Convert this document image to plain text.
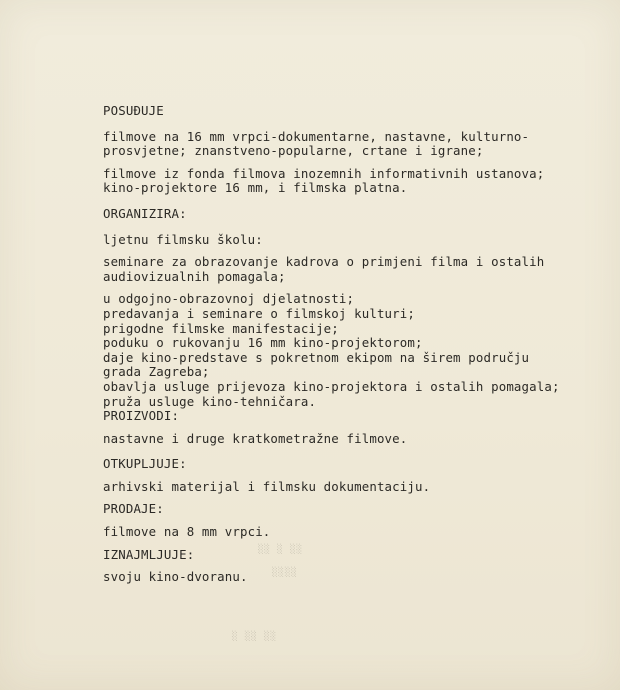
POSUĐUJE
filmove na 16 mm vrpci-dokumentarne, nastavne, kulturno-
prosvjetne; znanstveno-popularne, crtane i igrane;
filmove iz fonda filmova inozemnih informativnih ustanova;
kino-projektore 16 mm, i filmska platna.
ORGANIZIRA:
ljetnu filmsku školu:
seminare za obrazovanje kadrova o primjeni filma i ostalih
audiovizualnih pomagala;
u odgojno-obrazovnoj djelatnosti;
predavanja i seminare o filmskoj kulturi;
prigodne filmske manifestacije;
poduku o rukovanju 16 mm kino-projektorom;
daje kino-predstave s pokretnom ekipom na širem području
grada Zagreba;
obavlja usluge prijevoza kino-projektora i ostalih pomagala;
pruža usluge kino-tehničara.
PROIZVODI:
nastavne i druge kratkometražne filmove.
OTKUPLJUJE:
arhivski materijal i filmsku dokumentaciju.
PRODAJE:
filmove na 8 mm vrpci.
IZNAJMLJUJE:
svoju kino-dvoranu.
░░ ░ ░░
░░░░
░ ░░ ░░
